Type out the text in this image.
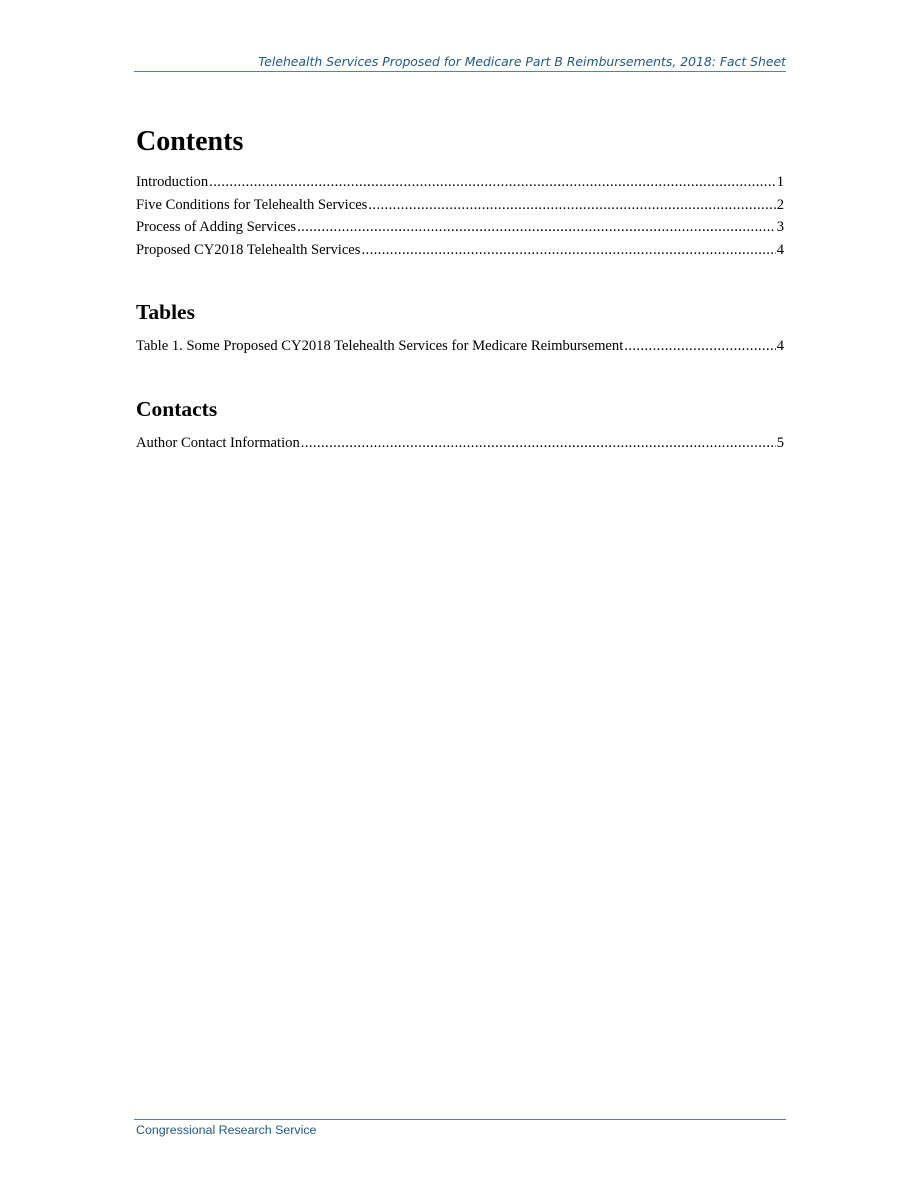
Telehealth Services Proposed for Medicare Part B Reimbursements, 2018: Fact Sheet
Contents
Introduction .....	1
Five Conditions for Telehealth Services .....	2
Process of Adding Services .....	3
Proposed CY2018 Telehealth Services .....	4
Tables
Table 1. Some Proposed CY2018 Telehealth Services for Medicare Reimbursement .....	4
Contacts
Author Contact Information .....	5
Congressional Research Service
